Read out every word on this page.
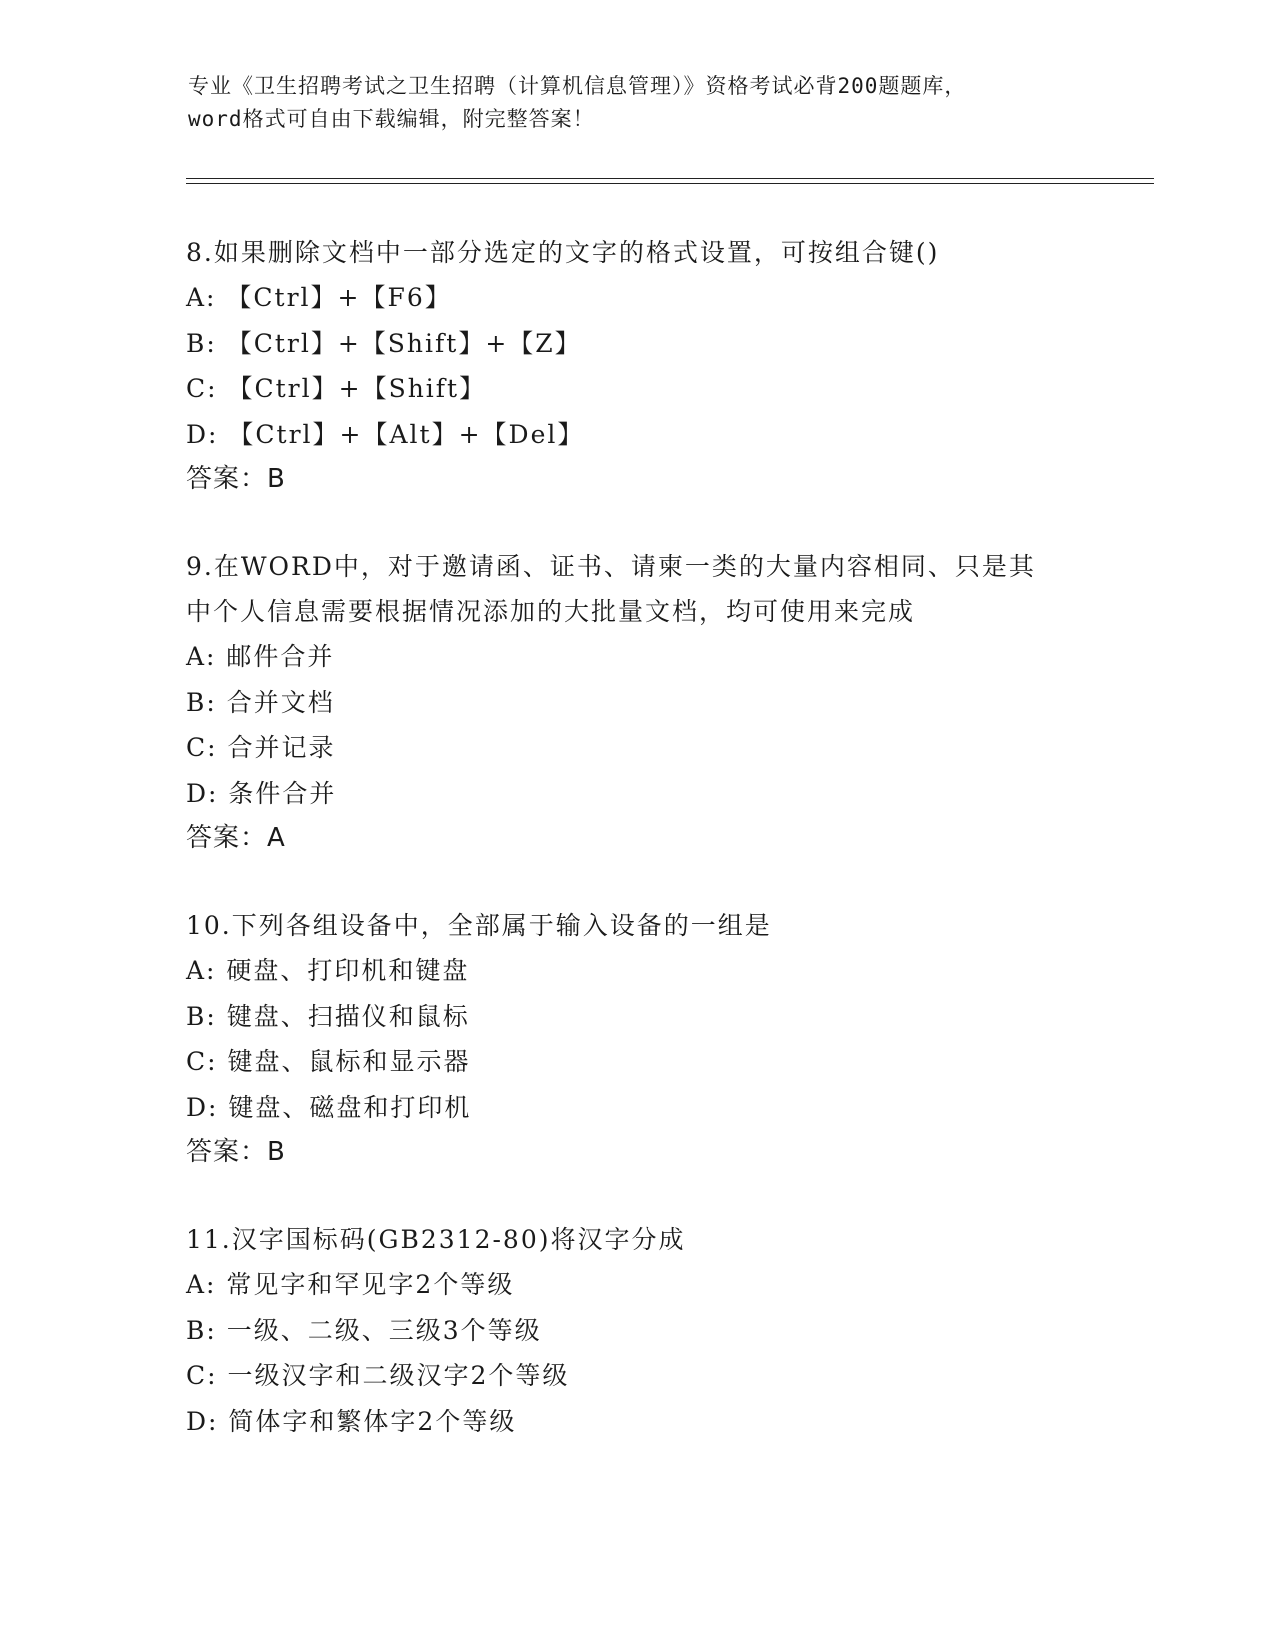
专业《卫生招聘考试之卫生招聘（计算机信息管理）》资格考试必背200题题库，
word格式可自由下载编辑，附完整答案！

8.如果删除文档中一部分选定的文字的格式设置，可按组合键()

A: 【Ctrl】+【F6】

B: 【Ctrl】+【Shift】+【Z】

C: 【Ctrl】+【Shift】

D: 【Ctrl】+【Alt】+【Del】

答案：B

9.在WORD中，对于邀请函、证书、请柬一类的大量内容相同、只是其

中个人信息需要根据情况添加的大批量文档，均可使用来完成

A: 邮件合并

B: 合并文档

C: 合并记录

D: 条件合并

答案：A

10.下列各组设备中，全部属于输入设备的一组是

A: 硬盘、打印机和键盘

B: 键盘、扫描仪和鼠标

C: 键盘、鼠标和显示器

D: 键盘、磁盘和打印机

答案：B

11.汉字国标码(GB2312-80)将汉字分成

A: 常见字和罕见字2个等级

B: 一级、二级、三级3个等级

C: 一级汉字和二级汉字2个等级

D: 简体字和繁体字2个等级
